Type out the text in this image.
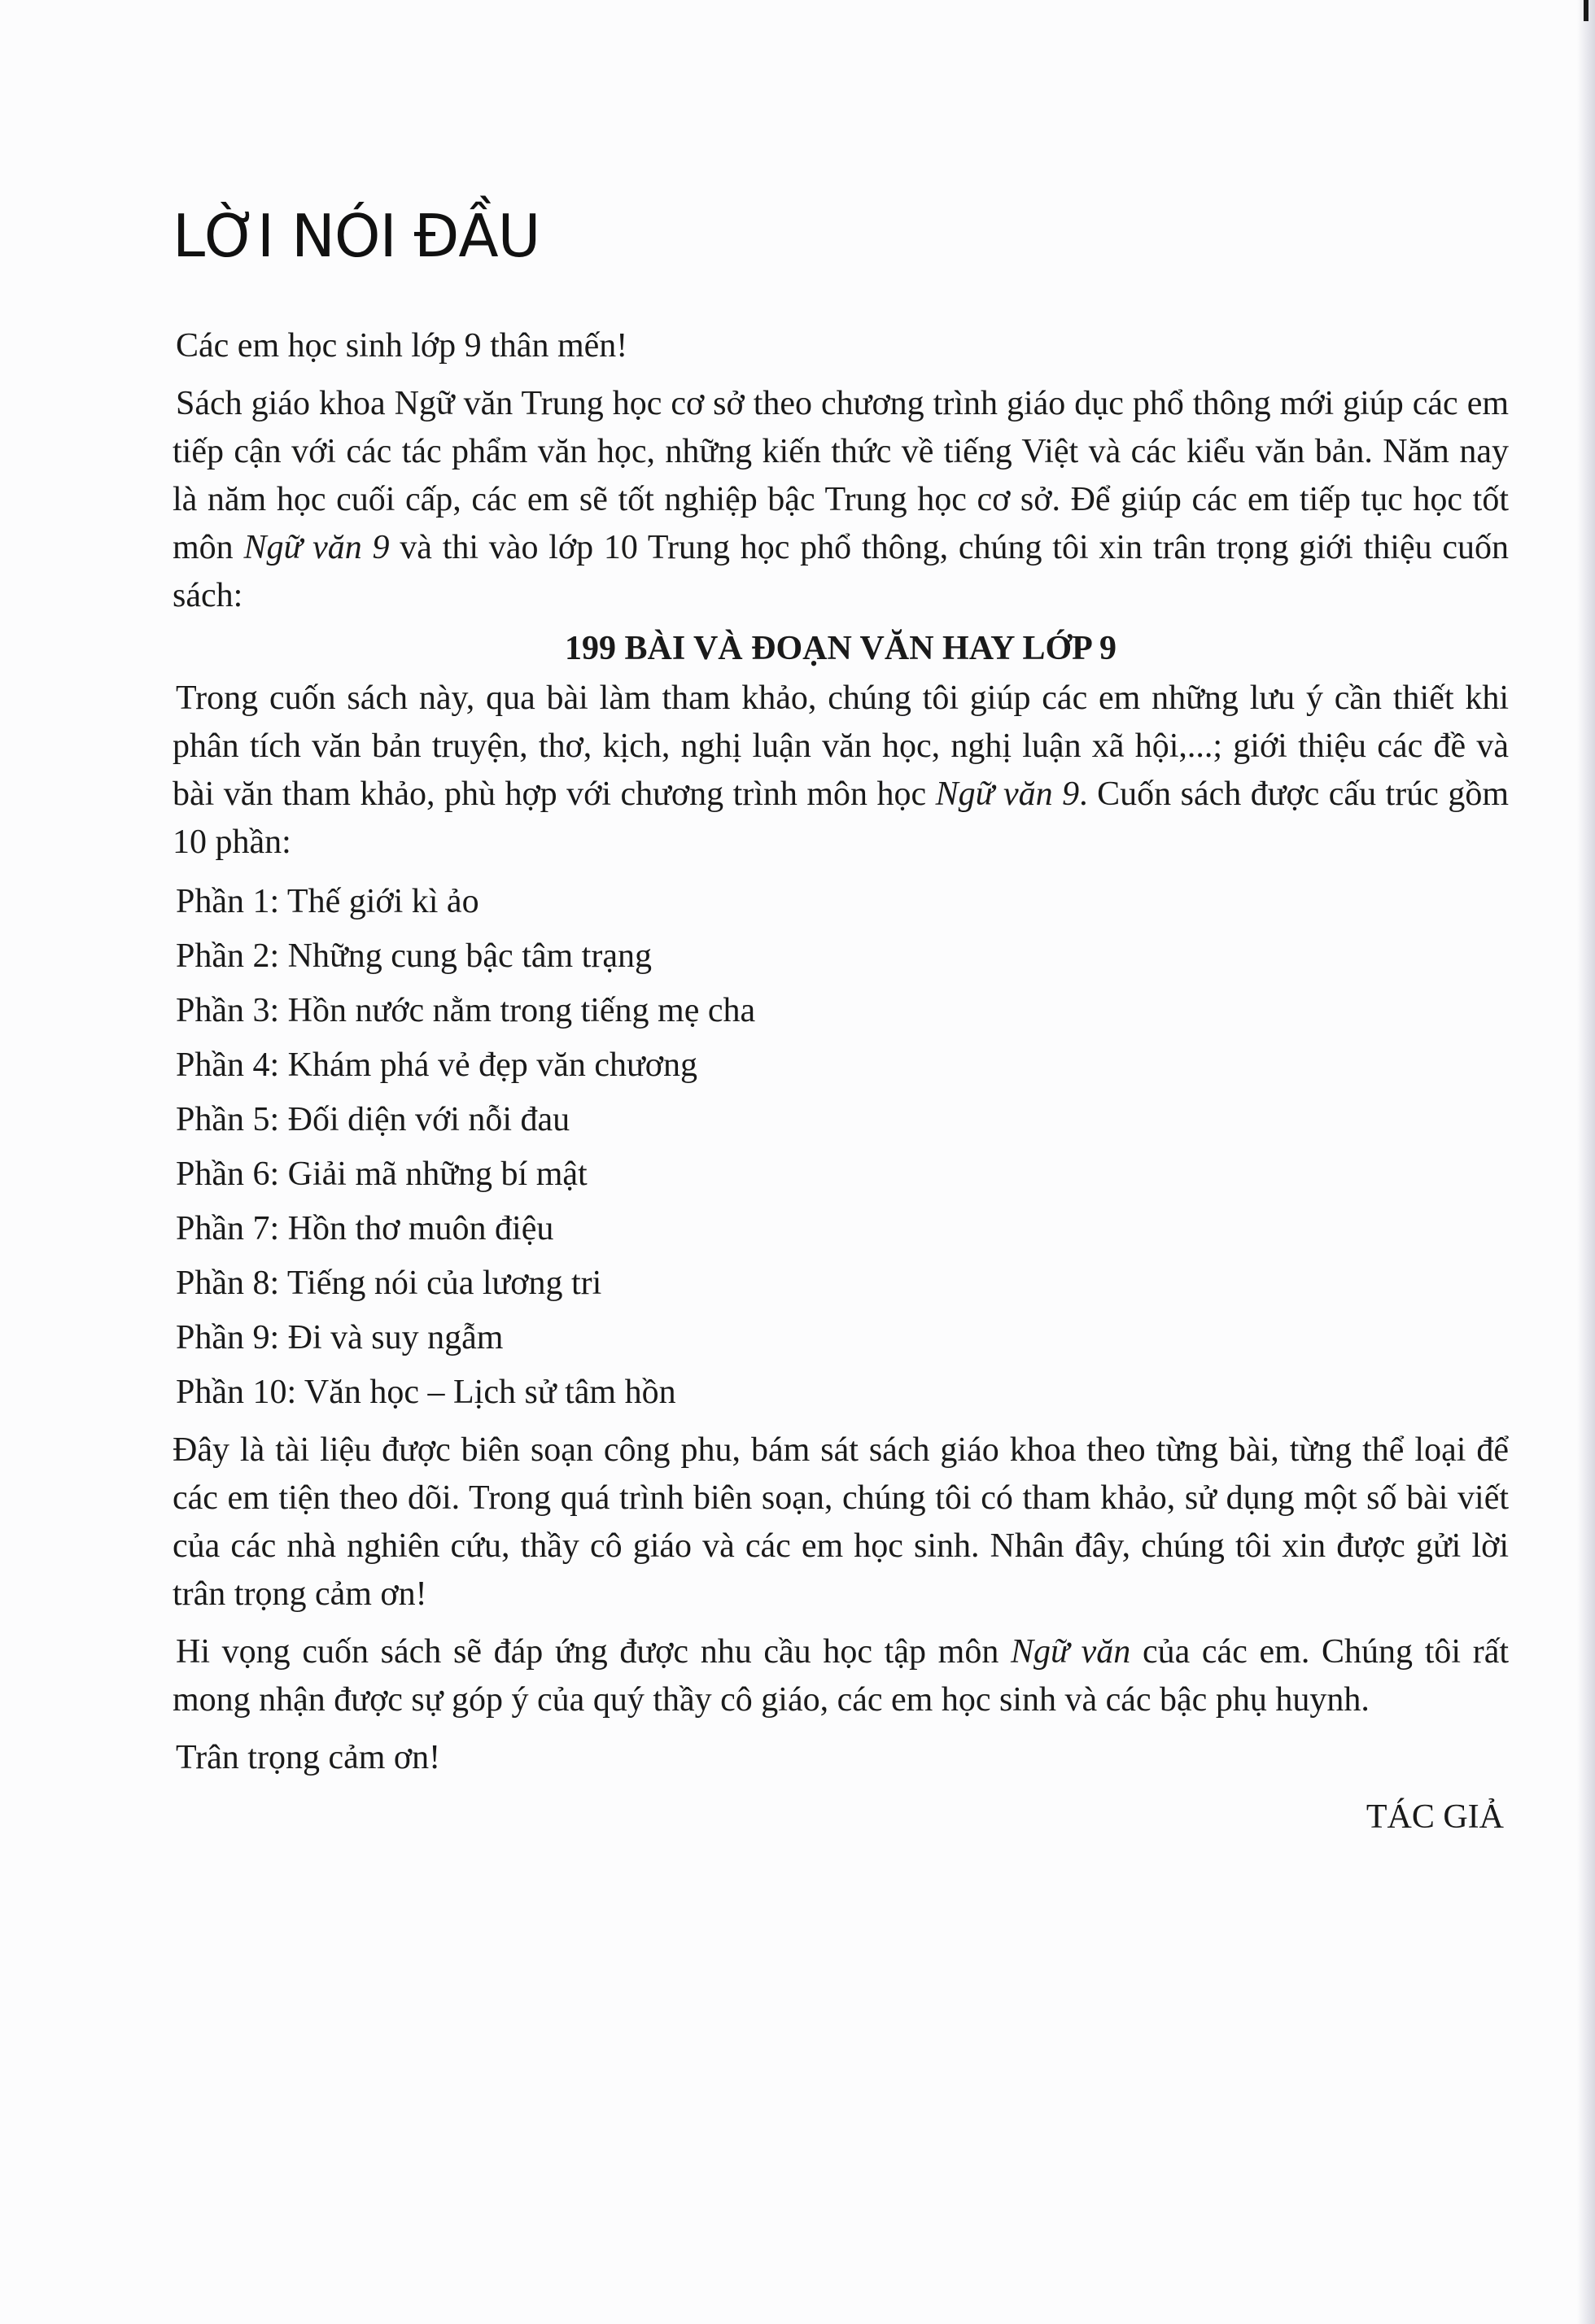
LỜI NÓI ĐẦU

Các em học sinh lớp 9 thân mến!

Sách giáo khoa Ngữ văn Trung học cơ sở theo chương trình giáo dục phổ thông mới giúp các em tiếp cận với các tác phẩm văn học, những kiến thức về tiếng Việt và các kiểu văn bản. Năm nay là năm học cuối cấp, các em sẽ tốt nghiệp bậc Trung học cơ sở. Để giúp các em tiếp tục học tốt môn Ngữ văn 9 và thi vào lớp 10 Trung học phổ thông, chúng tôi xin trân trọng giới thiệu cuốn sách:

199 BÀI VÀ ĐOẠN VĂN HAY LỚP 9

Trong cuốn sách này, qua bài làm tham khảo, chúng tôi giúp các em những lưu ý cần thiết khi phân tích văn bản truyện, thơ, kịch, nghị luận văn học, nghị luận xã hội,...; giới thiệu các đề và bài văn tham khảo, phù hợp với chương trình môn học Ngữ văn 9. Cuốn sách được cấu trúc gồm 10 phần:

Phần 1: Thế giới kì ảo

Phần 2: Những cung bậc tâm trạng

Phần 3: Hồn nước nằm trong tiếng mẹ cha

Phần 4: Khám phá vẻ đẹp văn chương

Phần 5: Đối diện với nỗi đau

Phần 6: Giải mã những bí mật

Phần 7: Hồn thơ muôn điệu

Phần 8: Tiếng nói của lương tri

Phần 9: Đi và suy ngẫm

Phần 10: Văn học – Lịch sử tâm hồn

Đây là tài liệu được biên soạn công phu, bám sát sách giáo khoa theo từng bài, từng thể loại để các em tiện theo dõi. Trong quá trình biên soạn, chúng tôi có tham khảo, sử dụng một số bài viết của các nhà nghiên cứu, thầy cô giáo và các em học sinh. Nhân đây, chúng tôi xin được gửi lời trân trọng cảm ơn!

Hi vọng cuốn sách sẽ đáp ứng được nhu cầu học tập môn Ngữ văn của các em. Chúng tôi rất mong nhận được sự góp ý của quý thầy cô giáo, các em học sinh và các bậc phụ huynh.

Trân trọng cảm ơn!

TÁC GIẢ
